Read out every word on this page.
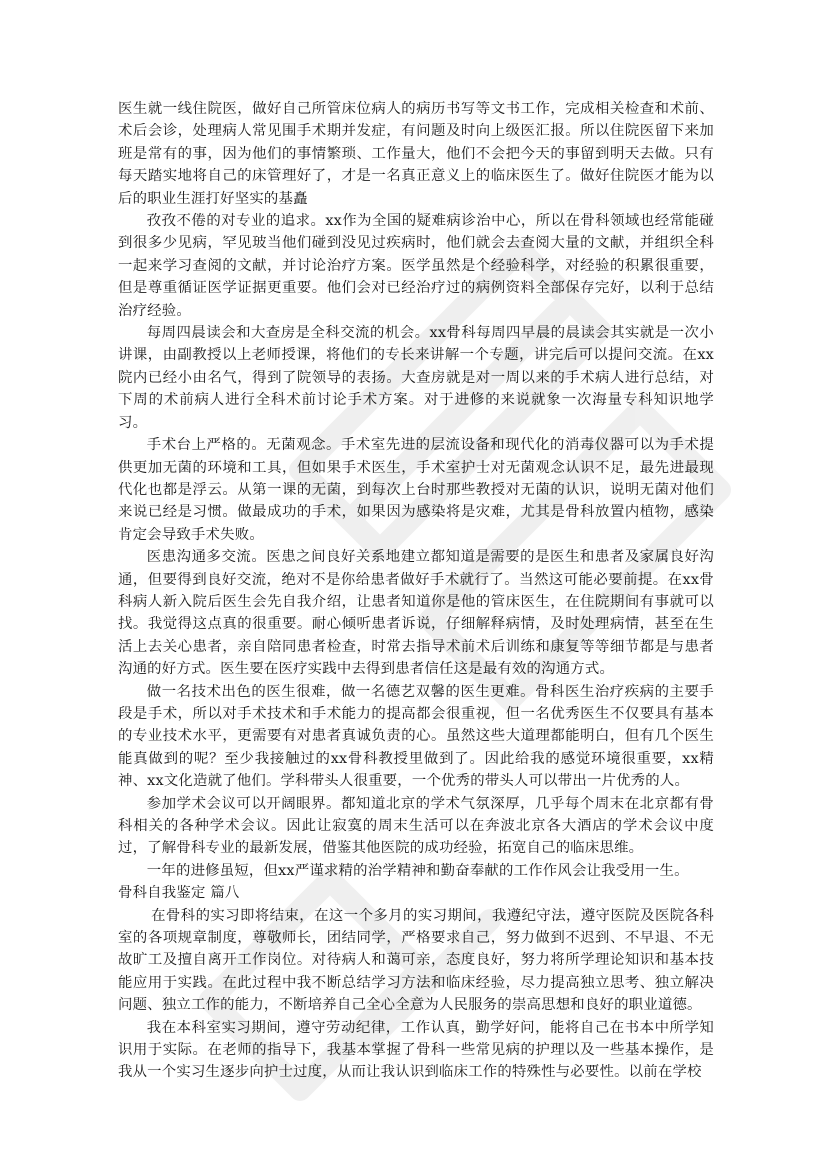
医生就一线住院医，做好自己所管床位病人的病历书写等文书工作，完成相关检查和术前、术后会诊，处理病人常见围手术期并发症，有问题及时向上级医汇报。所以住院医留下来加班是常有的事，因为他们的事情繁琐、工作量大，他们不会把今天的事留到明天去做。只有每天踏实地将自己的床管理好了，才是一名真正意义上的临床医生了。做好住院医才能为以后的职业生涯打好坚实的基矗

孜孜不倦的对专业的追求。xx作为全国的疑难病诊治中心，所以在骨科领域也经常能碰到很多少见病，罕见玻当他们碰到没见过疾病时，他们就会去查阅大量的文献，并组织全科一起来学习查阅的文献，并讨论治疗方案。医学虽然是个经验科学，对经验的积累很重要，但是尊重循证医学证据更重要。他们会对已经治疗过的病例资料全部保存完好，以利于总结治疗经验。

每周四晨读会和大查房是全科交流的机会。xx骨科每周四早晨的晨读会其实就是一次小讲课，由副教授以上老师授课，将他们的专长来讲解一个专题，讲完后可以提问交流。在xx院内已经小由名气，得到了院领导的表扬。大查房就是对一周以来的手术病人进行总结，对下周的术前病人进行全科术前讨论手术方案。对于进修的来说就象一次海量专科知识地学习。

手术台上严格的。无菌观念。手术室先进的层流设备和现代化的消毒仪器可以为手术提供更加无菌的环境和工具，但如果手术医生，手术室护士对无菌观念认识不足，最先进最现代化也都是浮云。从第一课的无菌，到每次上台时那些教授对无菌的认识，说明无菌对他们来说已经是习惯。做最成功的手术，如果因为感染将是灾难，尤其是骨科放置内植物，感染肯定会导致手术失败。

医患沟通多交流。医患之间良好关系地建立都知道是需要的是医生和患者及家属良好沟通，但要得到良好交流，绝对不是你给患者做好手术就行了。当然这可能必要前提。在xx骨科病人新入院后医生会先自我介绍，让患者知道你是他的管床医生，在住院期间有事就可以找。我觉得这点真的很重要。耐心倾听患者诉说，仔细解释病情，及时处理病情，甚至在生活上去关心患者，亲自陪同患者检查，时常去指导术前术后训练和康复等等细节都是与患者沟通的好方式。医生要在医疗实践中去得到患者信任这是最有效的沟通方式。

做一名技术出色的医生很难，做一名德艺双馨的医生更难。骨科医生治疗疾病的主要手段是手术，所以对手术技术和手术能力的提高都会很重视，但一名优秀医生不仅要具有基本的专业技术水平，更需要有对患者真诚负责的心。虽然这些大道理都能明白，但有几个医生能真做到的呢？至少我接触过的xx骨科教授里做到了。因此给我的感觉环境很重要，xx精神、xx文化造就了他们。学科带头人很重要，一个优秀的带头人可以带出一片优秀的人。

参加学术会议可以开阔眼界。都知道北京的学术气氛深厚，几乎每个周末在北京都有骨科相关的各种学术会议。因此让寂寞的周末生活可以在奔波北京各大酒店的学术会议中度过，了解骨科专业的最新发展，借鉴其他医院的成功经验，拓宽自己的临床思维。

一年的进修虽短，但xx严谨求精的治学精神和勤奋奉献的工作作风会让我受用一生。

骨科自我鉴定 篇八

在骨科的实习即将结束，在这一个多月的实习期间，我遵纪守法，遵守医院及医院各科室的各项规章制度，尊敬师长，团结同学，严格要求自己，努力做到不迟到、不早退、不无故旷工及擅自离开工作岗位。对待病人和蔼可亲，态度良好，努力将所学理论知识和基本技能应用于实践。在此过程中我不断总结学习方法和临床经验，尽力提高独立思考、独立解决问题、独立工作的能力，不断培养自己全心全意为人民服务的崇高思想和良好的职业道德。

我在本科室实习期间，遵守劳动纪律，工作认真，勤学好问，能将自己在书本中所学知识用于实际。在老师的指导下，我基本掌握了骨科一些常见病的护理以及一些基本操作，是我从一个实习生逐步向护士过度，从而让我认识到临床工作的特殊性与必要性。以前在学校
